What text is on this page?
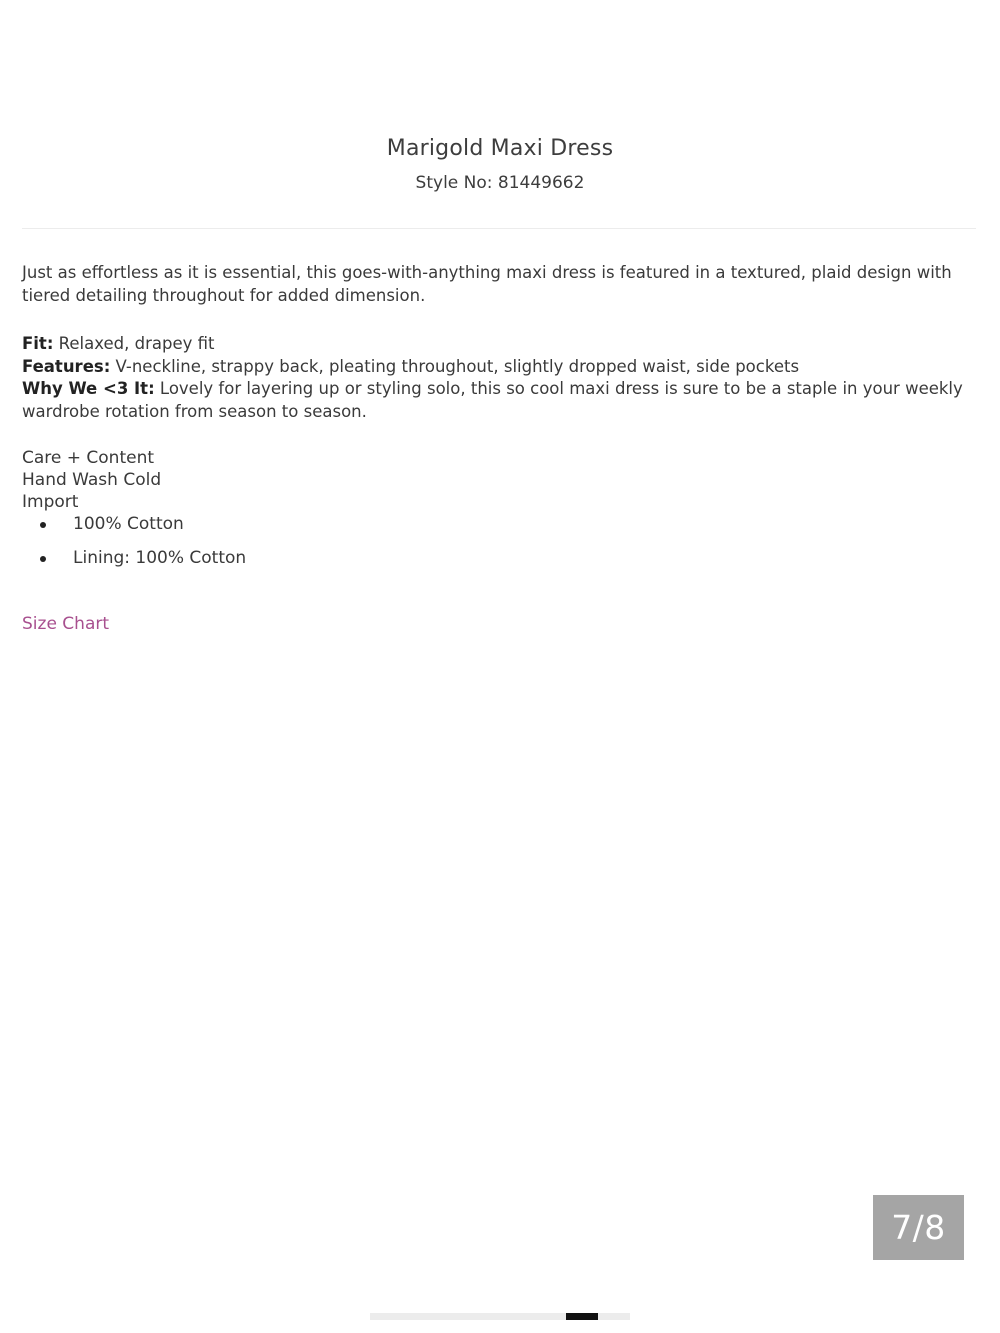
Marigold Maxi Dress
Style No: 81449662

Just as effortless as it is essential, this goes-with-anything maxi dress is featured in a textured, plaid design with tiered detailing throughout for added dimension.

Fit: Relaxed, drapey fit

Features: V-neckline, strappy back, pleating throughout, slightly dropped waist, side pockets

Why We <3 It: Lovely for layering up or styling solo, this so cool maxi dress is sure to be a staple in your weekly wardrobe rotation from season to season.

Care + Content

Hand Wash Cold

Import

100% Cotton
Lining: 100% Cotton
Size Chart
7/8
